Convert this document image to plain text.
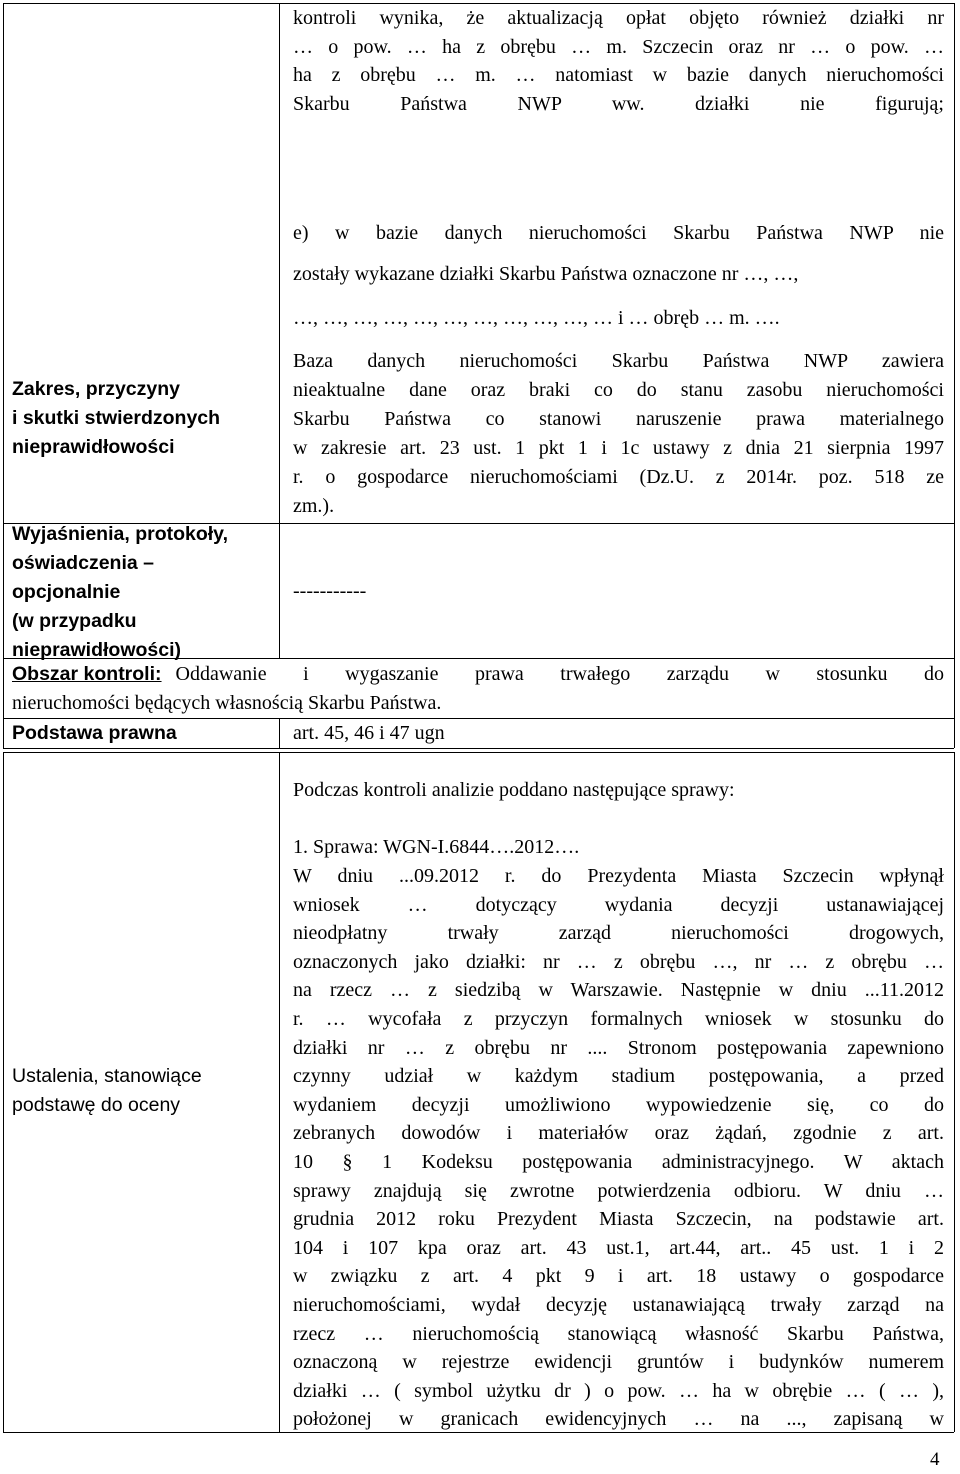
kontroli wynika, że aktualizacją opłat objęto również działki nr
… o pow. … ha z obrębu … m. Szczecin oraz nr … o pow. …
ha z obrębu … m. … natomiast w bazie danych nieruchomości
Skarbu Państwa NWP ww. działki nie figurują;
e) w bazie danych nieruchomości Skarbu Państwa NWP nie
zostały wykazane działki Skarbu Państwa oznaczone nr …, …,
…, …, …, …, …, …, …, …, …, …, … i … obręb … m. ….
Zakres, przyczyny
i skutki stwierdzonych
nieprawidłowości
Baza danych nieruchomości Skarbu Państwa NWP zawiera
nieaktualne dane oraz braki co do stanu zasobu nieruchomości
Skarbu Państwa co stanowi naruszenie prawa materialnego
w zakresie art. 23 ust. 1 pkt 1 i 1c ustawy z dnia 21 sierpnia 1997
r. o gospodarce nieruchomościami (Dz.U. z 2014r. poz. 518 ze
zm.).
Wyjaśnienia, protokoły,
oświadczenia –
opcjonalnie
(w przypadku
nieprawidłowości)
-----------
Obszar kontroli: Oddawanie i wygaszanie prawa trwałego zarządu w stosunku do
nieruchomości będących własnością Skarbu Państwa.
Podstawa prawna	art. 45, 46 i 47 ugn
Ustalenia, stanowiące
podstawę do oceny
Podczas kontroli analizie poddano następujące sprawy:
1. Sprawa: WGN-I.6844….2012….
W dniu ...09.2012 r. do Prezydenta Miasta Szczecin wpłynął
wniosek … dotyczący wydania decyzji ustanawiającej
nieodpłatny trwały zarząd nieruchomości drogowych,
oznaczonych jako działki: nr … z obrębu …, nr … z obrębu …
na rzecz … z siedzibą w Warszawie. Następnie w dniu ...11.2012
r. … wycofała z przyczyn formalnych wniosek w stosunku do
działki nr … z obrębu nr .... Stronom postępowania zapewniono
czynny udział w każdym stadium postępowania, a przed
wydaniem decyzji umożliwiono wypowiedzenie się, co do
zebranych dowodów i materiałów oraz żądań, zgodnie z art.
10 § 1 Kodeksu postępowania administracyjnego. W aktach
sprawy znajdują się zwrotne potwierdzenia odbioru. W dniu …
grudnia 2012 roku Prezydent Miasta Szczecin, na podstawie art.
104 i 107 kpa oraz art. 43 ust.1, art.44, art.. 45 ust. 1 i 2
w związku z art. 4 pkt 9 i art. 18 ustawy o gospodarce
nieruchomościami, wydał decyzję ustanawiającą trwały zarząd na
rzecz … nieruchomością stanowiącą własność Skarbu Państwa,
oznaczoną w rejestrze ewidencji gruntów i budynków numerem
działki … ( symbol użytku dr ) o pow. … ha w obrębie … ( … ),
położonej w granicach ewidencyjnych … na ..., zapisaną w
4
